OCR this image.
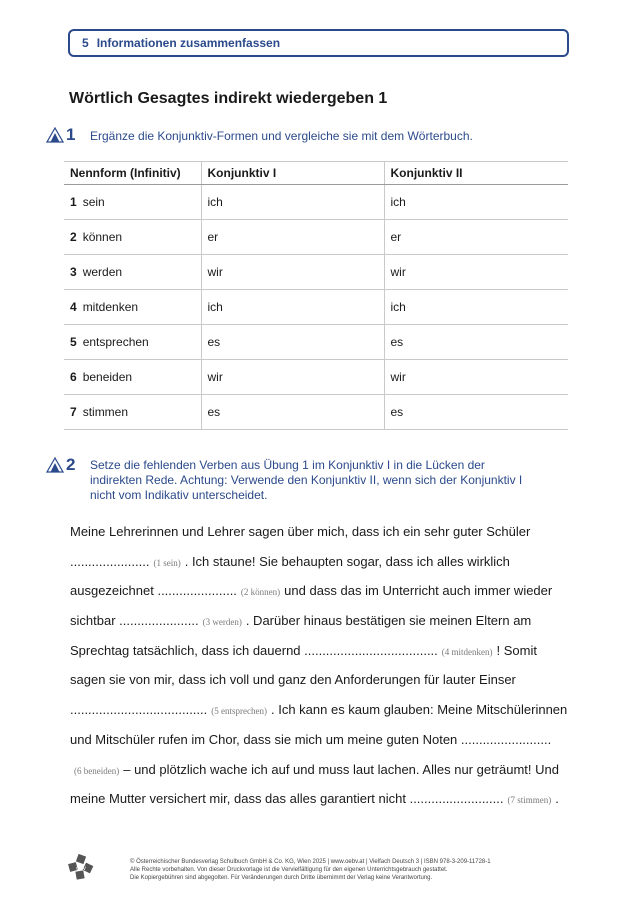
5 Informationen zusammenfassen
Wörtlich Gesagtes indirekt wiedergeben 1
1	Ergänze die Konjunktiv-Formen und vergleiche sie mit dem Wörterbuch.
Nennform (Infinitiv)	Konjunktiv I	Konjunktiv II
1 sein	ich	ich
2 können	er	er
3 werden	wir	wir
4 mitdenken	ich	ich
5 entsprechen	es	es
6 beneiden	wir	wir
7 stimmen	es	es
2	Setze die fehlenden Verben aus Übung 1 im Konjunktiv I in die Lücken der
indirekten Rede. Achtung: Verwende den Konjunktiv II, wenn sich der Konjunktiv I
nicht vom Indikativ unterscheidet.
Meine Lehrerinnen und Lehrer sagen über mich, dass ich ein sehr guter Schüler
...................... (1 sein) . Ich staune! Sie behaupten sogar, dass ich alles wirklich
ausgezeichnet ...................... (2 können) und dass das im Unterricht auch immer wieder
sichtbar ...................... (3 werden) . Darüber hinaus bestätigen sie meinen Eltern am
Sprechtag tatsächlich, dass ich dauernd ..................................... (4 mitdenken) ! Somit
sagen sie von mir, dass ich voll und ganz den Anforderungen für lauter Einser
...................................... (5 entsprechen) . Ich kann es kaum glauben: Meine Mitschülerinnen
und Mitschüler rufen im Chor, dass sie mich um meine guten Noten .........................
(6 beneiden) – und plötzlich wache ich auf und muss laut lachen. Alles nur geträumt! Und
meine Mutter versichert mir, dass das alles garantiert nicht .......................... (7 stimmen) .
öbv
© Österreichischer Bundesverlag Schulbuch GmbH & Co. KG, Wien 2025 | www.oebv.at | Vielfach Deutsch 3 | ISBN 978-3-209-11728-1
Alle Rechte vorbehalten. Von dieser Druckvorlage ist die Vervielfältigung für den eigenen Unterrichtsgebrauch gestattet.
Die Kopiergebühren sind abgegolten. Für Veränderungen durch Dritte übernimmt der Verlag keine Verantwortung.
